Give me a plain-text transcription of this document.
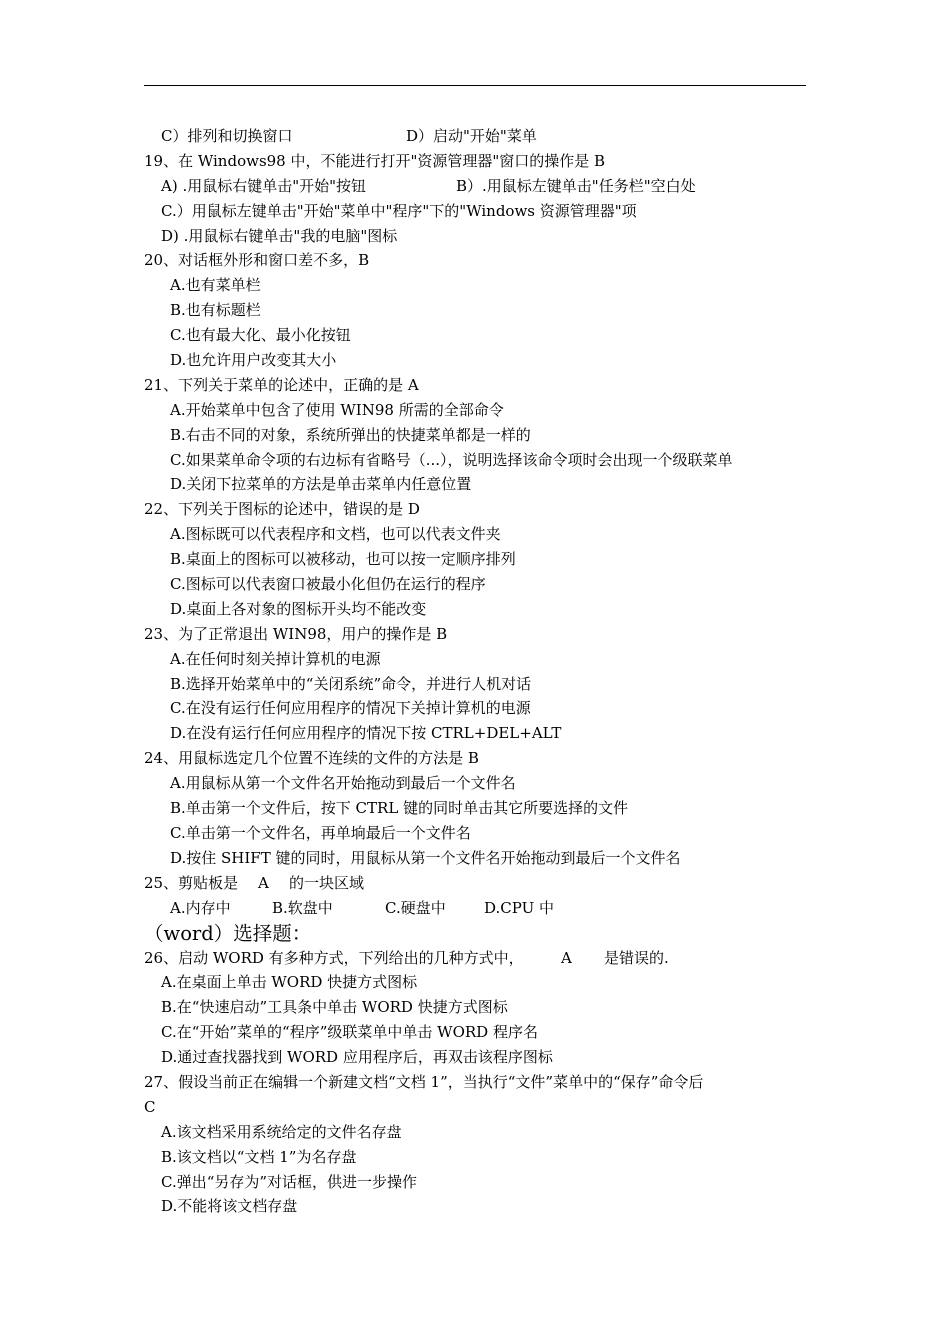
C）排列和切换窗口	D）启动"开始"菜单
19、在 Windows98 中，不能进行打开"资源管理器"窗口的操作是 B
A) .用鼠标右键单击"开始"按钮	B）.用鼠标左键单击"任务栏"空白处
C.）用鼠标左键单击"开始"菜单中"程序"下的"Windows 资源管理器"项
D) .用鼠标右键单击"我的电脑"图标
20、对话框外形和窗口差不多，B
A.也有菜单栏
B.也有标题栏
C.也有最大化、最小化按钮
D.也允许用户改变其大小
21、下列关于菜单的论述中，正确的是 A
A.开始菜单中包含了使用 WIN98 所需的全部命令
B.右击不同的对象，系统所弹出的快捷菜单都是一样的
C.如果菜单命令项的右边标有省略号（...），说明选择该命令项时会出现一个级联菜单
D.关闭下拉菜单的方法是单击菜单内任意位置
22、下列关于图标的论述中，错误的是 D
A.图标既可以代表程序和文档，也可以代表文件夹
B.桌面上的图标可以被移动，也可以按一定顺序排列
C.图标可以代表窗口被最小化但仍在运行的程序
D.桌面上各对象的图标开头均不能改变
23、为了正常退出 WIN98，用户的操作是 B
A.在任何时刻关掉计算机的电源
B.选择开始菜单中的“关闭系统”命令，并进行人机对话
C.在没有运行任何应用程序的情况下关掉计算机的电源
D.在没有运行任何应用程序的情况下按 CTRL+DEL+ALT
24、用鼠标选定几个位置不连续的文件的方法是 B
A.用鼠标从第一个文件名开始拖动到最后一个文件名
B.单击第一个文件后，按下 CTRL 键的同时单击其它所要选择的文件
C.单击第一个文件名，再单垧最后一个文件名
D.按住 SHIFT 键的同时，用鼠标从第一个文件名开始拖动到最后一个文件名
25、剪贴板是 A 的一块区域
A.内存中	B.软盘中	C.硬盘中	D.CPU 中
（word）选择题：
26、启动 WORD 有多种方式，下列给出的几种方式中， A 是错误的.
A.在桌面上单击 WORD 快捷方式图标
B.在“快速启动”工具条中单击 WORD 快捷方式图标
C.在“开始”菜单的“程序”级联菜单中单击 WORD 程序名
D.通过查找器找到 WORD 应用程序后，再双击该程序图标
27、假设当前正在编辑一个新建文档“文档 1”，当执行“文件”菜单中的“保存”命令后
C
A.该文档采用系统给定的文件名存盘
B.该文档以“文档 1”为名存盘
C.弹出“另存为”对话框，供进一步操作
D.不能将该文档存盘
